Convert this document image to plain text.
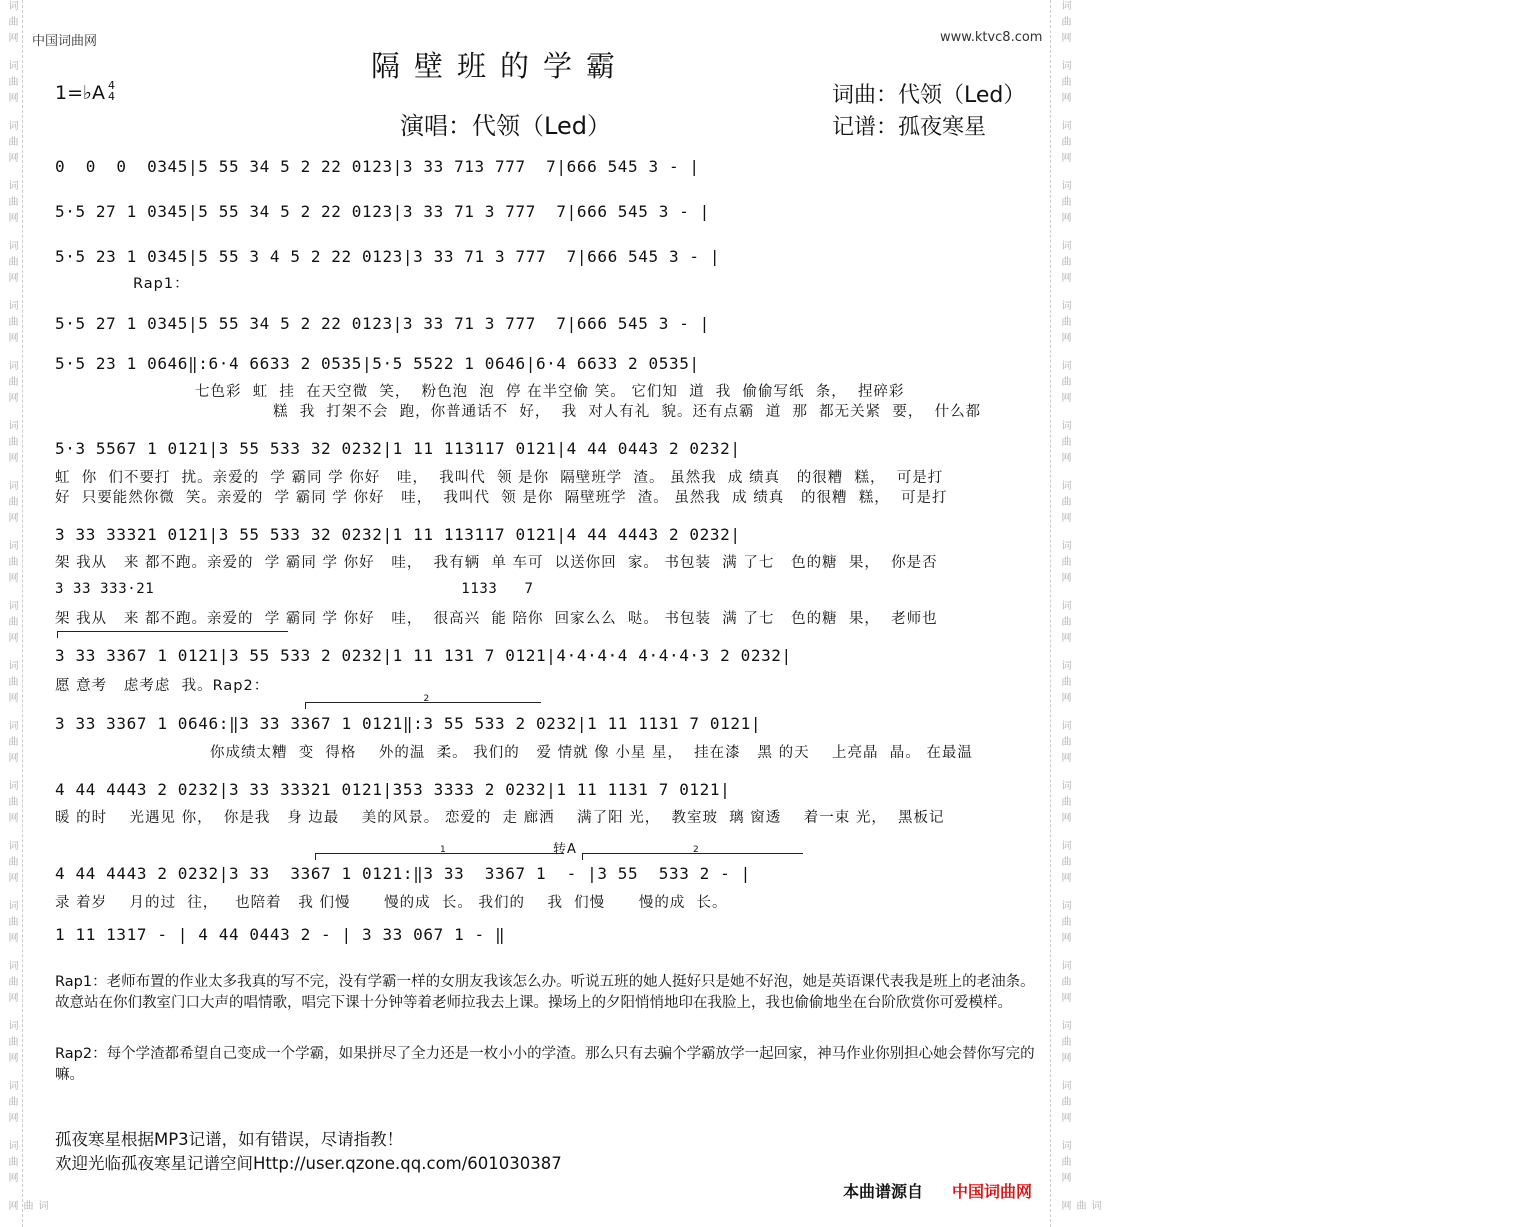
词曲网
词曲网
词曲网
词曲网
词曲网
词曲网
词曲网
词曲网
词曲网
词曲网
词曲网
词曲网
词曲网
词曲网
词曲网
词曲网
词曲网
词曲网
词曲网
词曲网
词曲网
词曲网
词曲网
词曲网
词曲网
词曲网
词曲网
词曲网
词曲网
词曲网
词曲网
词曲网
词曲网
词曲网
词曲网
词曲网
词曲网
词曲网
词曲网
词曲网
词曲网
词曲网
中国词曲网	www.ktvc8.com
隔壁班的学霸
1=♭A 4
4
演唱：代领（Led）
词曲：代领（Led）
记谱：孤夜寒星
0  0  0  0345|5 55 34 5 2 22 0123|3 33 713 777  7|666 545 3 - |
5·5 27 1 0345|5 55 34 5 2 22 0123|3 33 71 3 777  7|666 545 3 - |
5·5 23 1 0345|5 55 3 4 5 2 22 0123|3 33 71 3 777  7|666 545 3 - |
Rap1：
5·5 27 1 0345|5 55 34 5 2 22 0123|3 33 71 3 777  7|666 545 3 - |
5·5 23 1 0646‖:6·4 6633 2 0535|5·5 5522 1 0646|6·4 6633 2 0535|
七色彩  虹  挂  在天空微  笑，  粉色泡  泡  停 在半空偷 笑。 它们知  道  我  偷偷写纸  条，  捏碎彩
糕  我  打架不会  跑，你普通话不  好，  我  对人有礼  貌。还有点霸  道  那  都无关紧  要，  什么都
5·3 5567 1 0121|3 55 533 32 0232|1 11 113117 0121|4 44 0443 2 0232|
虹  你  们不要打  扰。亲爱的  学 霸同 学 你好   哇，  我叫代  领 是你  隔壁班学  渣。 虽然我  成 绩真   的很糟  糕，  可是打
好  只要能然你微  笑。亲爱的  学 霸同 学 你好   哇，  我叫代  领 是你  隔壁班学  渣。 虽然我  成 绩真   的很糟  糕，  可是打
3 33 33321 0121|3 55 533 32 0232|1 11 113117 0121|4 44 4443 2 0232|
架 我从   来 都不跑。亲爱的  学 霸同 学 你好   哇，  我有辆  单 车可  以送你回  家。 书包装  满 了七   色的糖  果，  你是否
3 33 333·21                                  1133   7
架 我从   来 都不跑。亲爱的  学 霸同 学 你好   哇，  很高兴  能 陪你  回家么么  哒。 书包装  满 了七   色的糖  果，  老师也
3 33 3367 1 0121|3 55 533 2 0232|1 11 131 7 0121|4·4·4·4 4·4·4·3 2 0232|
愿 意考   虑考虑  我。Rap2：
2
3 33 3367 1 0646:‖3 33 3367 1 0121‖:3 55 533 2 0232|1 11 1131 7 0121|
你成绩太糟  变  得格    外的温  柔。 我们的   爱 情就 像 小星 星，  挂在漆   黑 的天    上亮晶  晶。 在最温
4 44 4443 2 0232|3 33 33321 0121|353 3333 2 0232|1 11 1131 7 0121|
暖 的时    光遇见 你，  你是我   身 边最    美的风景。 恋爱的  走 廊洒    满了阳 光，  教室玻  璃 窗透    着一束 光，  黑板记
转A
1	2
4 44 4443 2 0232|3 33  3367 1 0121:‖3 33  3367 1  - |3 55  533 2 - |
录 着岁    月的过  往，   也陪着   我 们慢      慢的成  长。 我们的    我  们慢      慢的成  长。
1 11 1317 - | 4 44 0443 2 - | 3 33 067 1 - ‖
Rap1：老师布置的作业太多我真的写不完，没有学霸一样的女朋友我该怎么办。听说五班的她人挺好只是她不好泡，她是英语课代表我是班上的老油条。故意站在你们教室门口大声的唱情歌，唱完下课十分钟等着老师拉我去上课。操场上的夕阳悄悄地印在我脸上，我也偷偷地坐在台阶欣赏你可爱模样。
Rap2：每个学渣都希望自己变成一个学霸，如果拼尽了全力还是一枚小小的学渣。那么只有去骗个学霸放学一起回家，神马作业你别担心她会替你写完的嘛。
孤夜寒星根据MP3记谱，如有错误，尽请指教！
欢迎光临孤夜寒星记谱空间Http://user.qzone.qq.com/601030387
本曲谱源自 中国词曲网
